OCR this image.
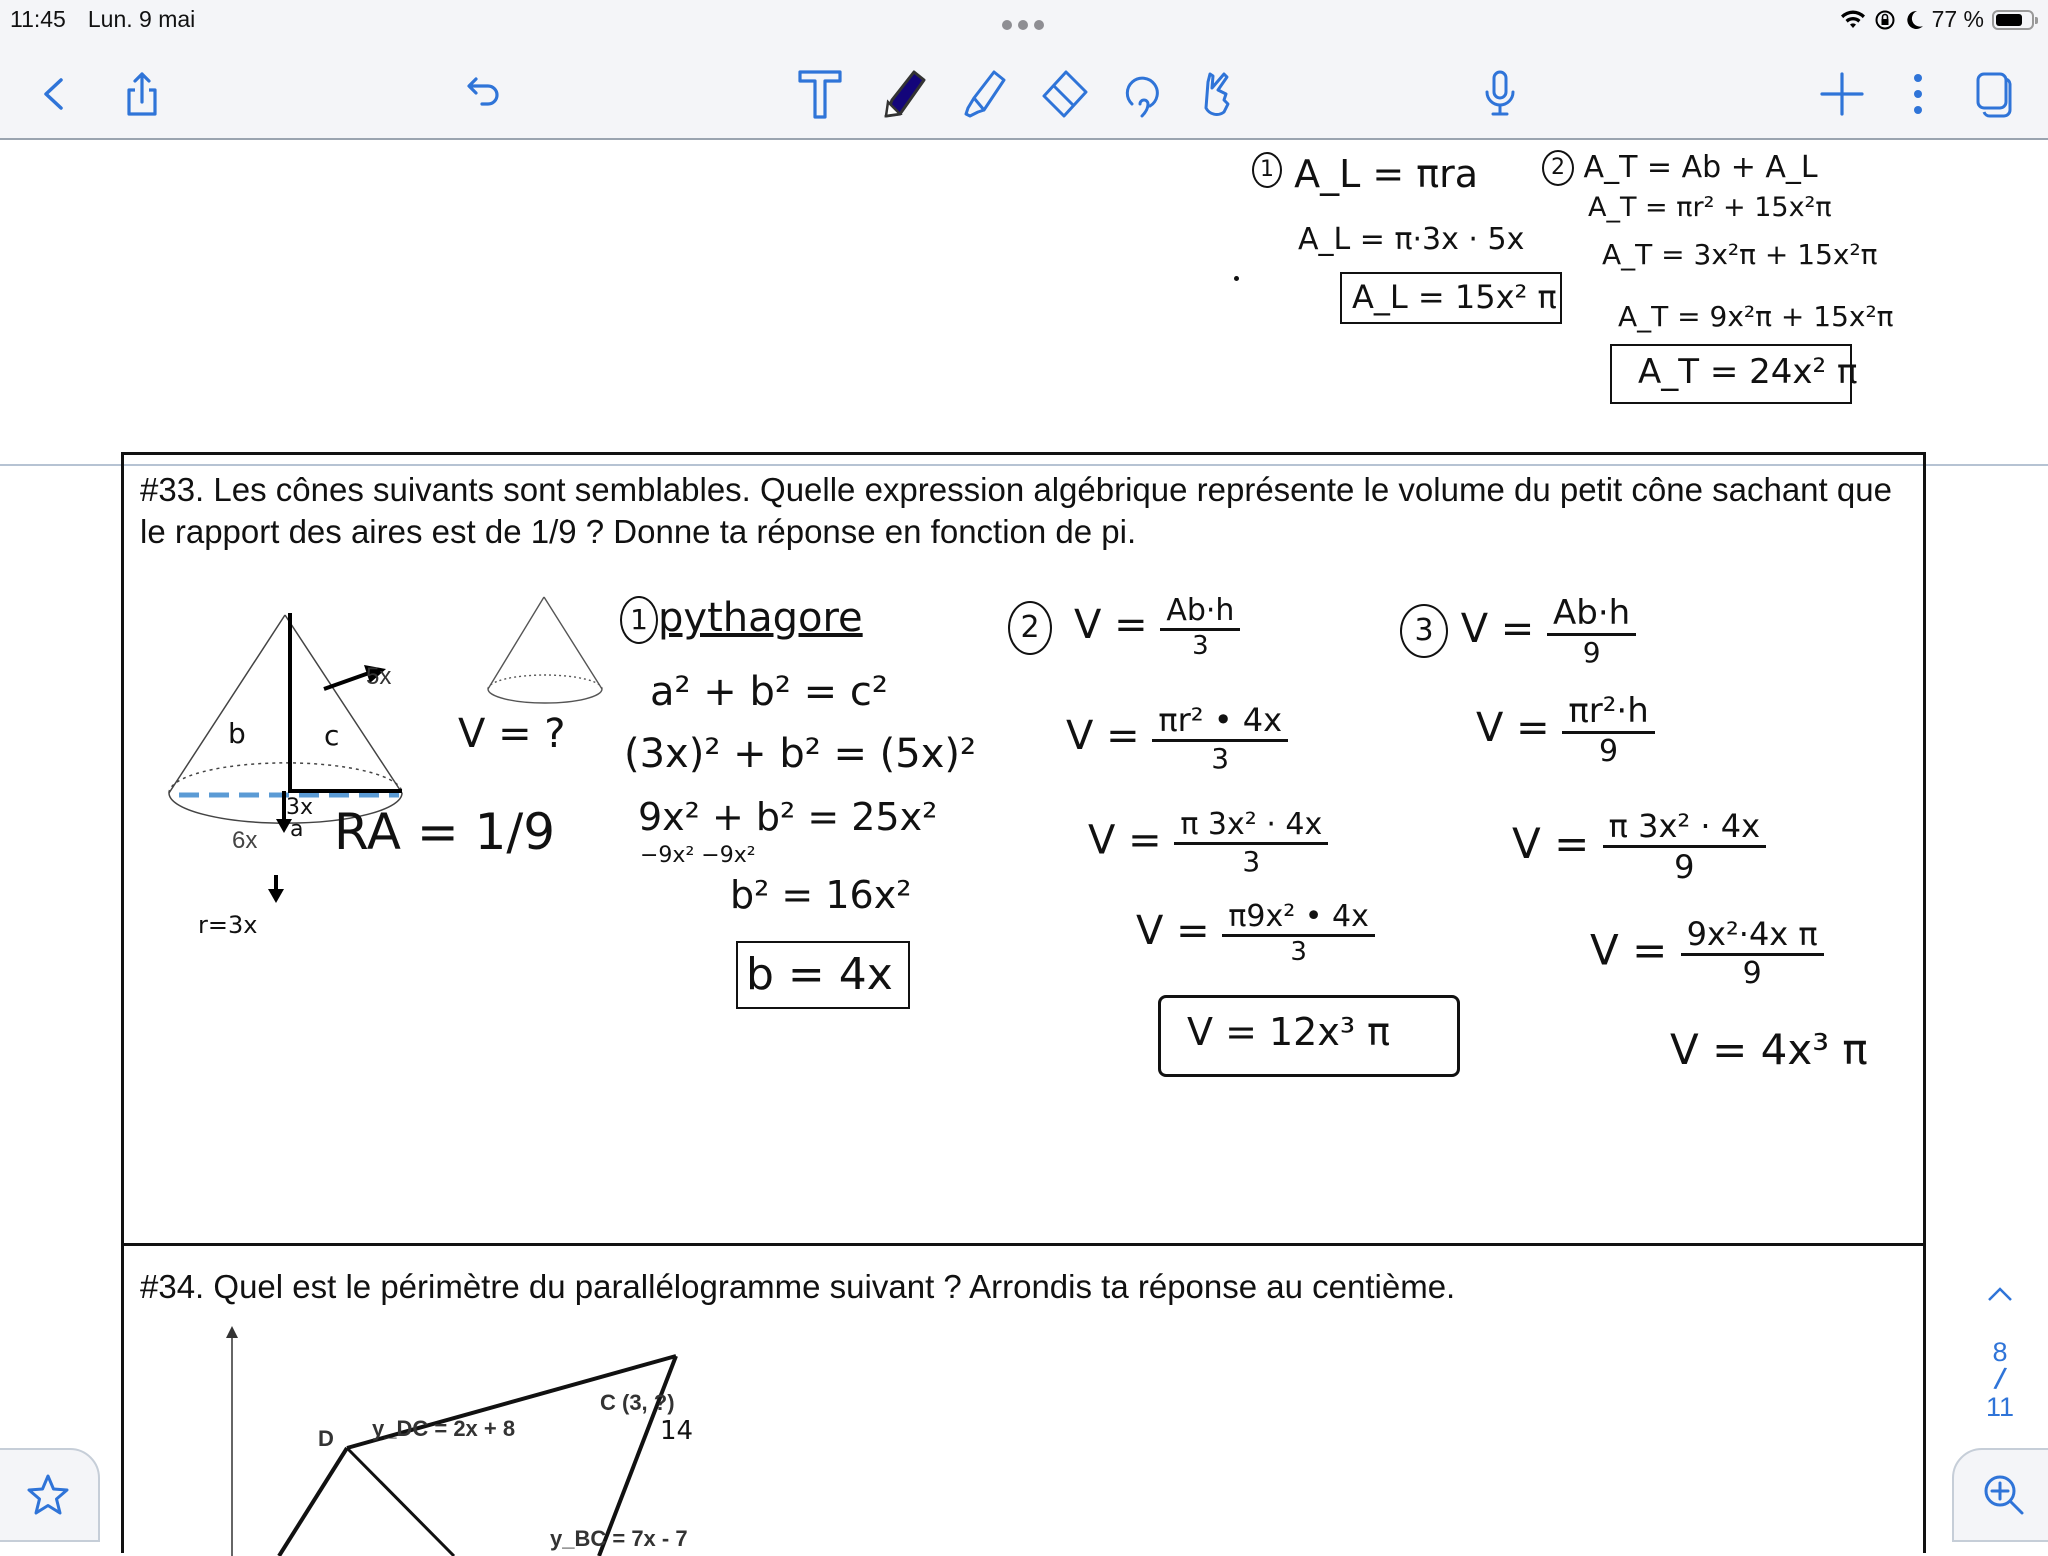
11:45 Lun. 9 mai	77 %
1 A_L = πra
A_L = π·3x · 5x
A_L = 15x² π
2 A_T = Ab + A_L
A_T = πr² + 15x²π
A_T = 3x²π + 15x²π
A_T = 9x²π + 15x²π
A_T = 24x² π
#33. Les cônes suivants sont semblables. Quelle expression algébrique représente le volume du petit cône sachant que le rapport des aires est de 1/9 ? Donne ta réponse en fonction de pi.
5x
b	c
3x
a
6x
r=3x
V = ?
RA = 1/9
1 pythagore
a² + b² = c²
(3x)² + b² = (5x)²
9x² + b² = 25x²
−9x² −9x²
b² = 16x²
b = 4x
2 $V = \frac{Ab\cdot h}{3}$
$V = \frac{\text{πr² • 4x}}{3}$
$V = \frac{\text{π 3x² · 4x}}{3}$
$V = \frac{\text{π9x² • 4x}}{3}$
V = 12x³ π
3 $V = \frac{Ab\cdot h}{9}$
$V = \frac{\text{πr²·h}}{9}$
$V = \frac{\text{π 3x² · 4x}}{9}$
$V = \frac{\text{9x²·4x π}}{9}$
V = 4x³ π
#34. Quel est le périmètre du parallélogramme suivant ? Arrondis ta réponse au centième.
D
C (3, ?)
14
y_DC = 2x + 8
y_BC = 7x - 7
8
/
11
